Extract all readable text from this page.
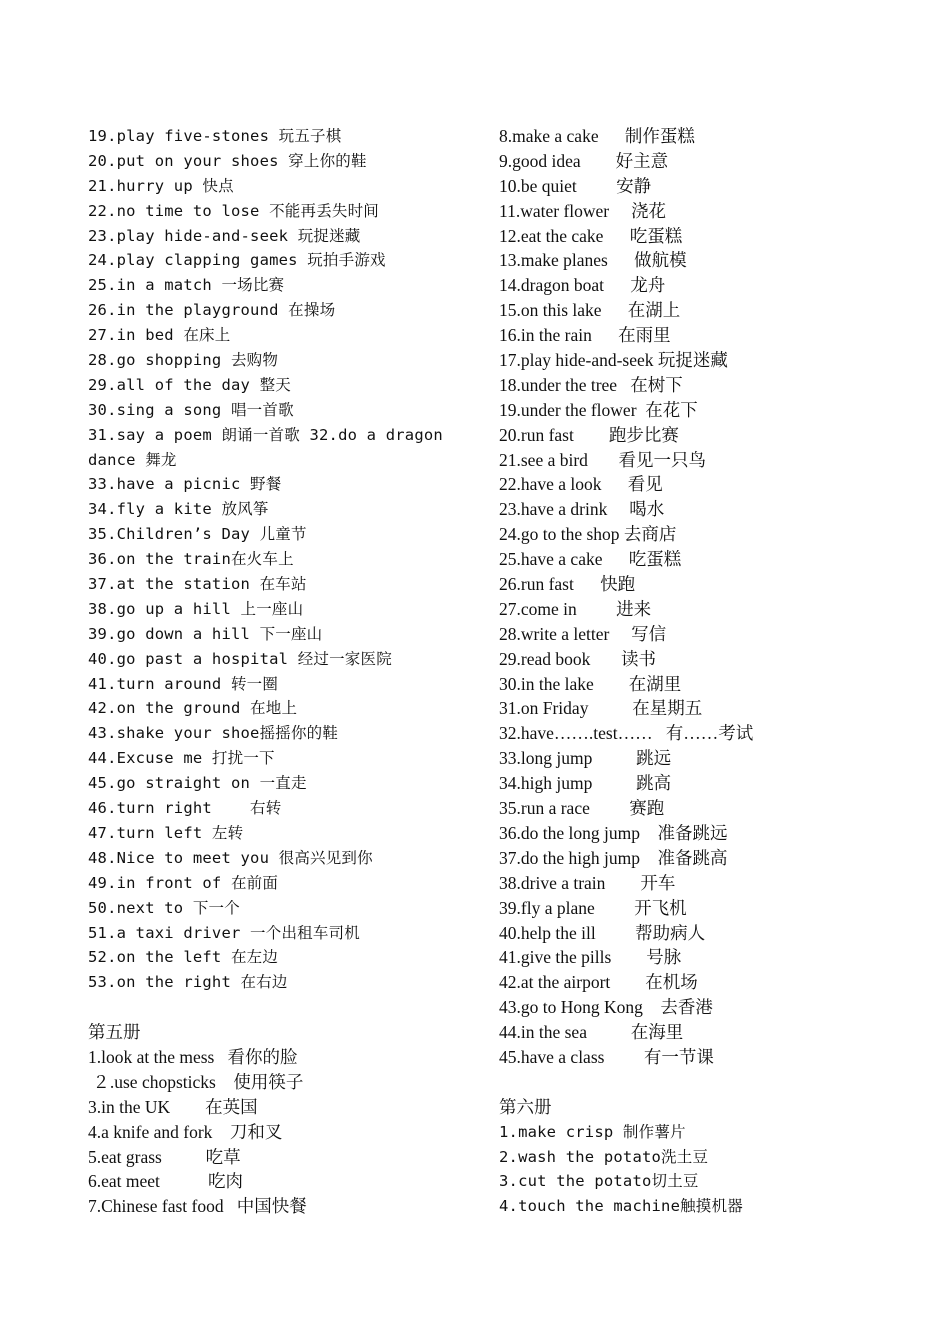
19.play five-stones 玩五子棋
20.put on your shoes 穿上你的鞋
21.hurry up 快点
22.no time to lose 不能再丢失时间
23.play hide-and-seek 玩捉迷藏
24.play clapping games 玩拍手游戏
25.in a match 一场比赛
26.in the playground 在操场
27.in bed 在床上
28.go shopping 去购物
29.all of the day 整天
30.sing a song 唱一首歌
31.say a poem 朗诵一首歌 32.do a dragon
dance 舞龙
33.have a picnic 野餐
34.fly a kite 放风筝
35.Children’s Day 儿童节
36.on the train在火车上
37.at the station 在车站
38.go up a hill 上一座山
39.go down a hill 下一座山
40.go past a hospital 经过一家医院
41.turn around 转一圈
42.on the ground 在地上
43.shake your shoe摇摇你的鞋
44.Excuse me 打扰一下
45.go straight on 一直走
46.turn right    右转
47.turn left 左转
48.Nice to meet you 很高兴见到你
49.in front of 在前面
50.next to 下一个
51.a taxi driver 一个出租车司机
52.on the left 在左边
53.on the right 在右边
第五册
1.look at the mess   看你的脸
２.use chopsticks    使用筷子
3.in the UK        在英国
4.a knife and fork    刀和叉
5.eat grass          吃草
6.eat meet           吃肉
7.Chinese fast food   中国快餐
8.make a cake      制作蛋糕
9.good idea        好主意
10.be quiet         安静
11.water flower     浇花
12.eat the cake      吃蛋糕
13.make planes      做航模
14.dragon boat      龙舟
15.on this lake      在湖上
16.in the rain      在雨里
17.play hide-and-seek 玩捉迷藏
18.under the tree   在树下
19.under the flower  在花下
20.run fast        跑步比赛
21.see a bird       看见一只鸟
22.have a look      看见
23.have a drink     喝水
24.go to the shop 去商店
25.have a cake      吃蛋糕
26.run fast      快跑
27.come in         进来
28.write a letter     写信
29.read book       读书
30.in the lake        在湖里
31.on Friday          在星期五
32.have…….test……   有……考试
33.long jump          跳远
34.high jump          跳高
35.run a race         赛跑
36.do the long jump    准备跳远
37.do the high jump    准备跳高
38.drive a train        开车
39.fly a plane         开飞机
40.help the ill         帮助病人
41.give the pills        号脉
42.at the airport        在机场
43.go to Hong Kong    去香港
44.in the sea          在海里
45.have a class         有一节课
第六册
1.make crisp 制作薯片
2.wash the potato洗土豆
3.cut the potato切土豆
4.touch the machine触摸机器
